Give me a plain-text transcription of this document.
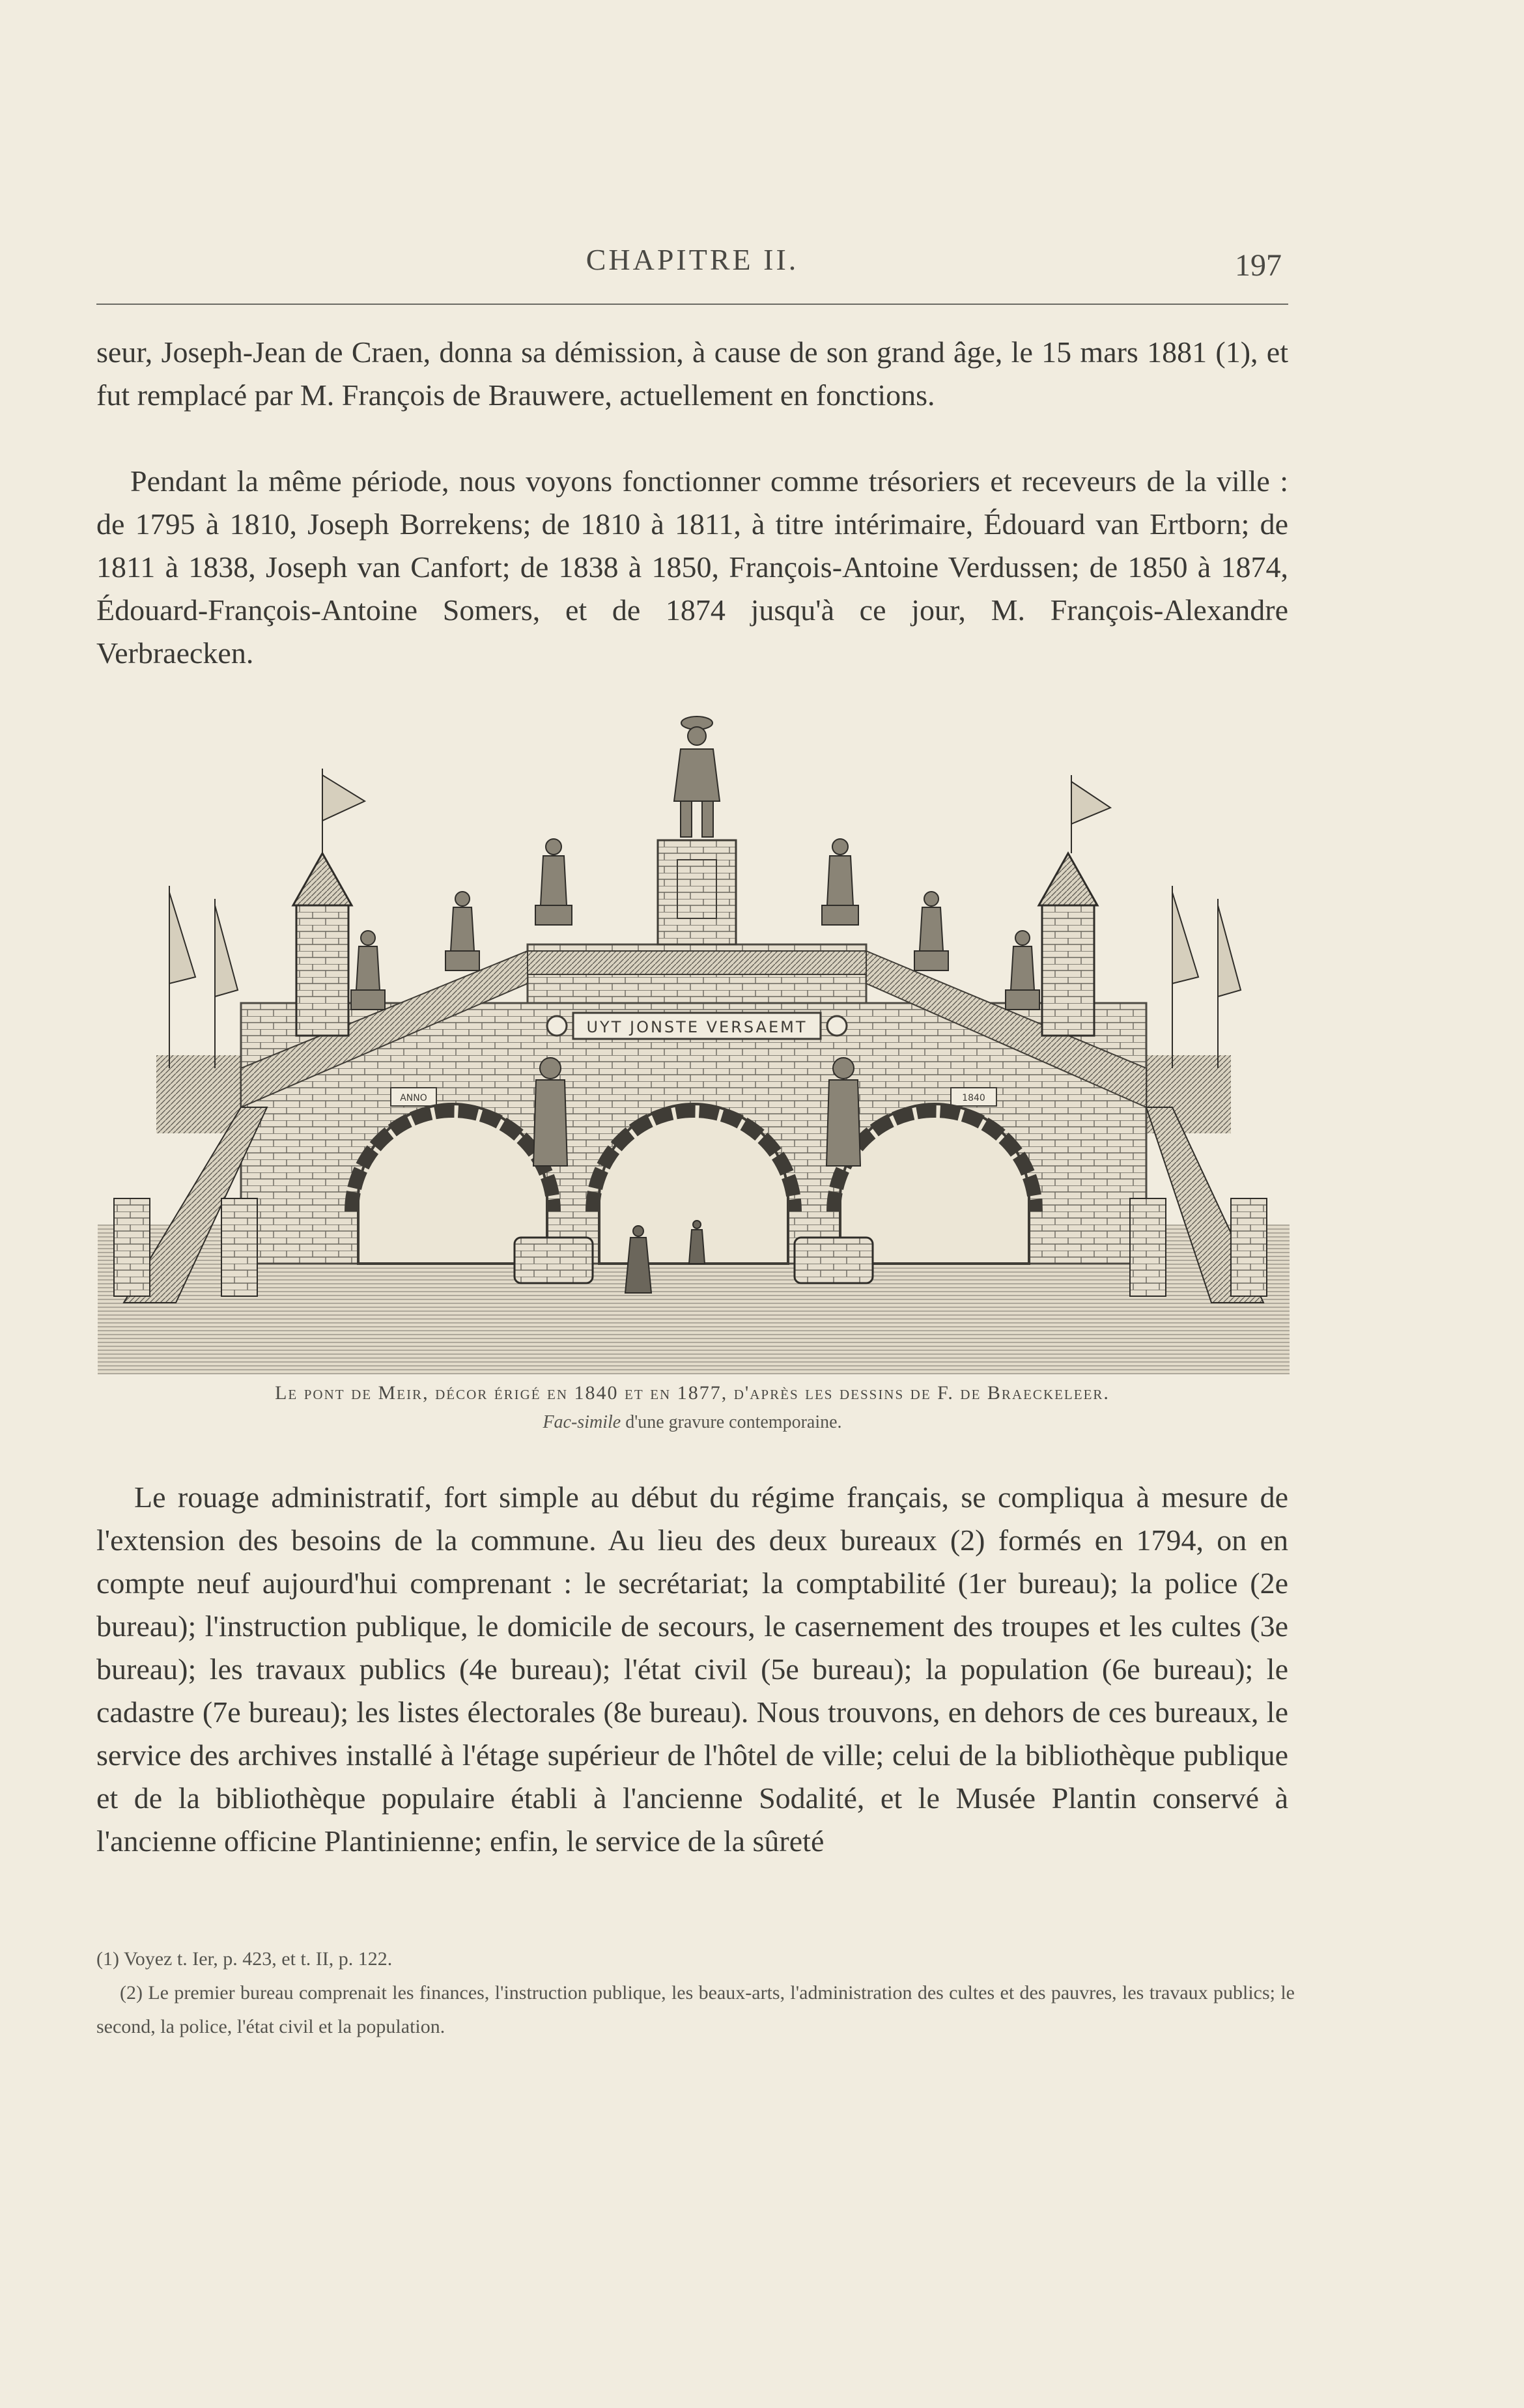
CHAPITRE II.	197
seur, Joseph-Jean de Craen, donna sa démission, à cause de son grand âge, le 15 mars 1881 (1), et fut remplacé par M. François de Brauwere, actuellement en fonctions.
Pendant la même période, nous voyons fonctionner comme trésoriers et receveurs de la ville : de 1795 à 1810, Joseph Borrekens; de 1810 à 1811, à titre intérimaire, Édouard van Ertborn; de 1811 à 1838, Joseph van Canfort; de 1838 à 1850, François-Antoine Verdussen; de 1850 à 1874, Édouard-François-Antoine Somers, et de 1874 jusqu'à ce jour, M. François-Alexandre Verbraecken.
UYT JONSTE VERSAEMT
ANNO	1840
Le pont de Meir, décor érigé en 1840 et en 1877, d'après les dessins de F. de Braeckeleer.
Fac-simile d'une gravure contemporaine.
Le rouage administratif, fort simple au début du régime français, se compliqua à mesure de l'extension des besoins de la commune. Au lieu des deux bureaux (2) formés en 1794, on en compte neuf aujourd'hui comprenant : le secrétariat; la comptabilité (1er bureau); la police (2e bureau); l'instruction publique, le domicile de secours, le casernement des troupes et les cultes (3e bureau); les travaux publics (4e bureau); l'état civil (5e bureau); la population (6e bureau); le cadastre (7e bureau); les listes électorales (8e bureau). Nous trouvons, en dehors de ces bureaux, le service des archives installé à l'étage supérieur de l'hôtel de ville; celui de la bibliothèque publique et de la bibliothèque populaire établi à l'ancienne Sodalité, et le Musée Plantin conservé à l'ancienne officine Plantinienne; enfin, le service de la sûreté
(1) Voyez t. Ier, p. 423, et t. II, p. 122.
(2) Le premier bureau comprenait les finances, l'instruction publique, les beaux-arts, l'administration des cultes et des pauvres, les travaux publics; le second, la police, l'état civil et la population.
